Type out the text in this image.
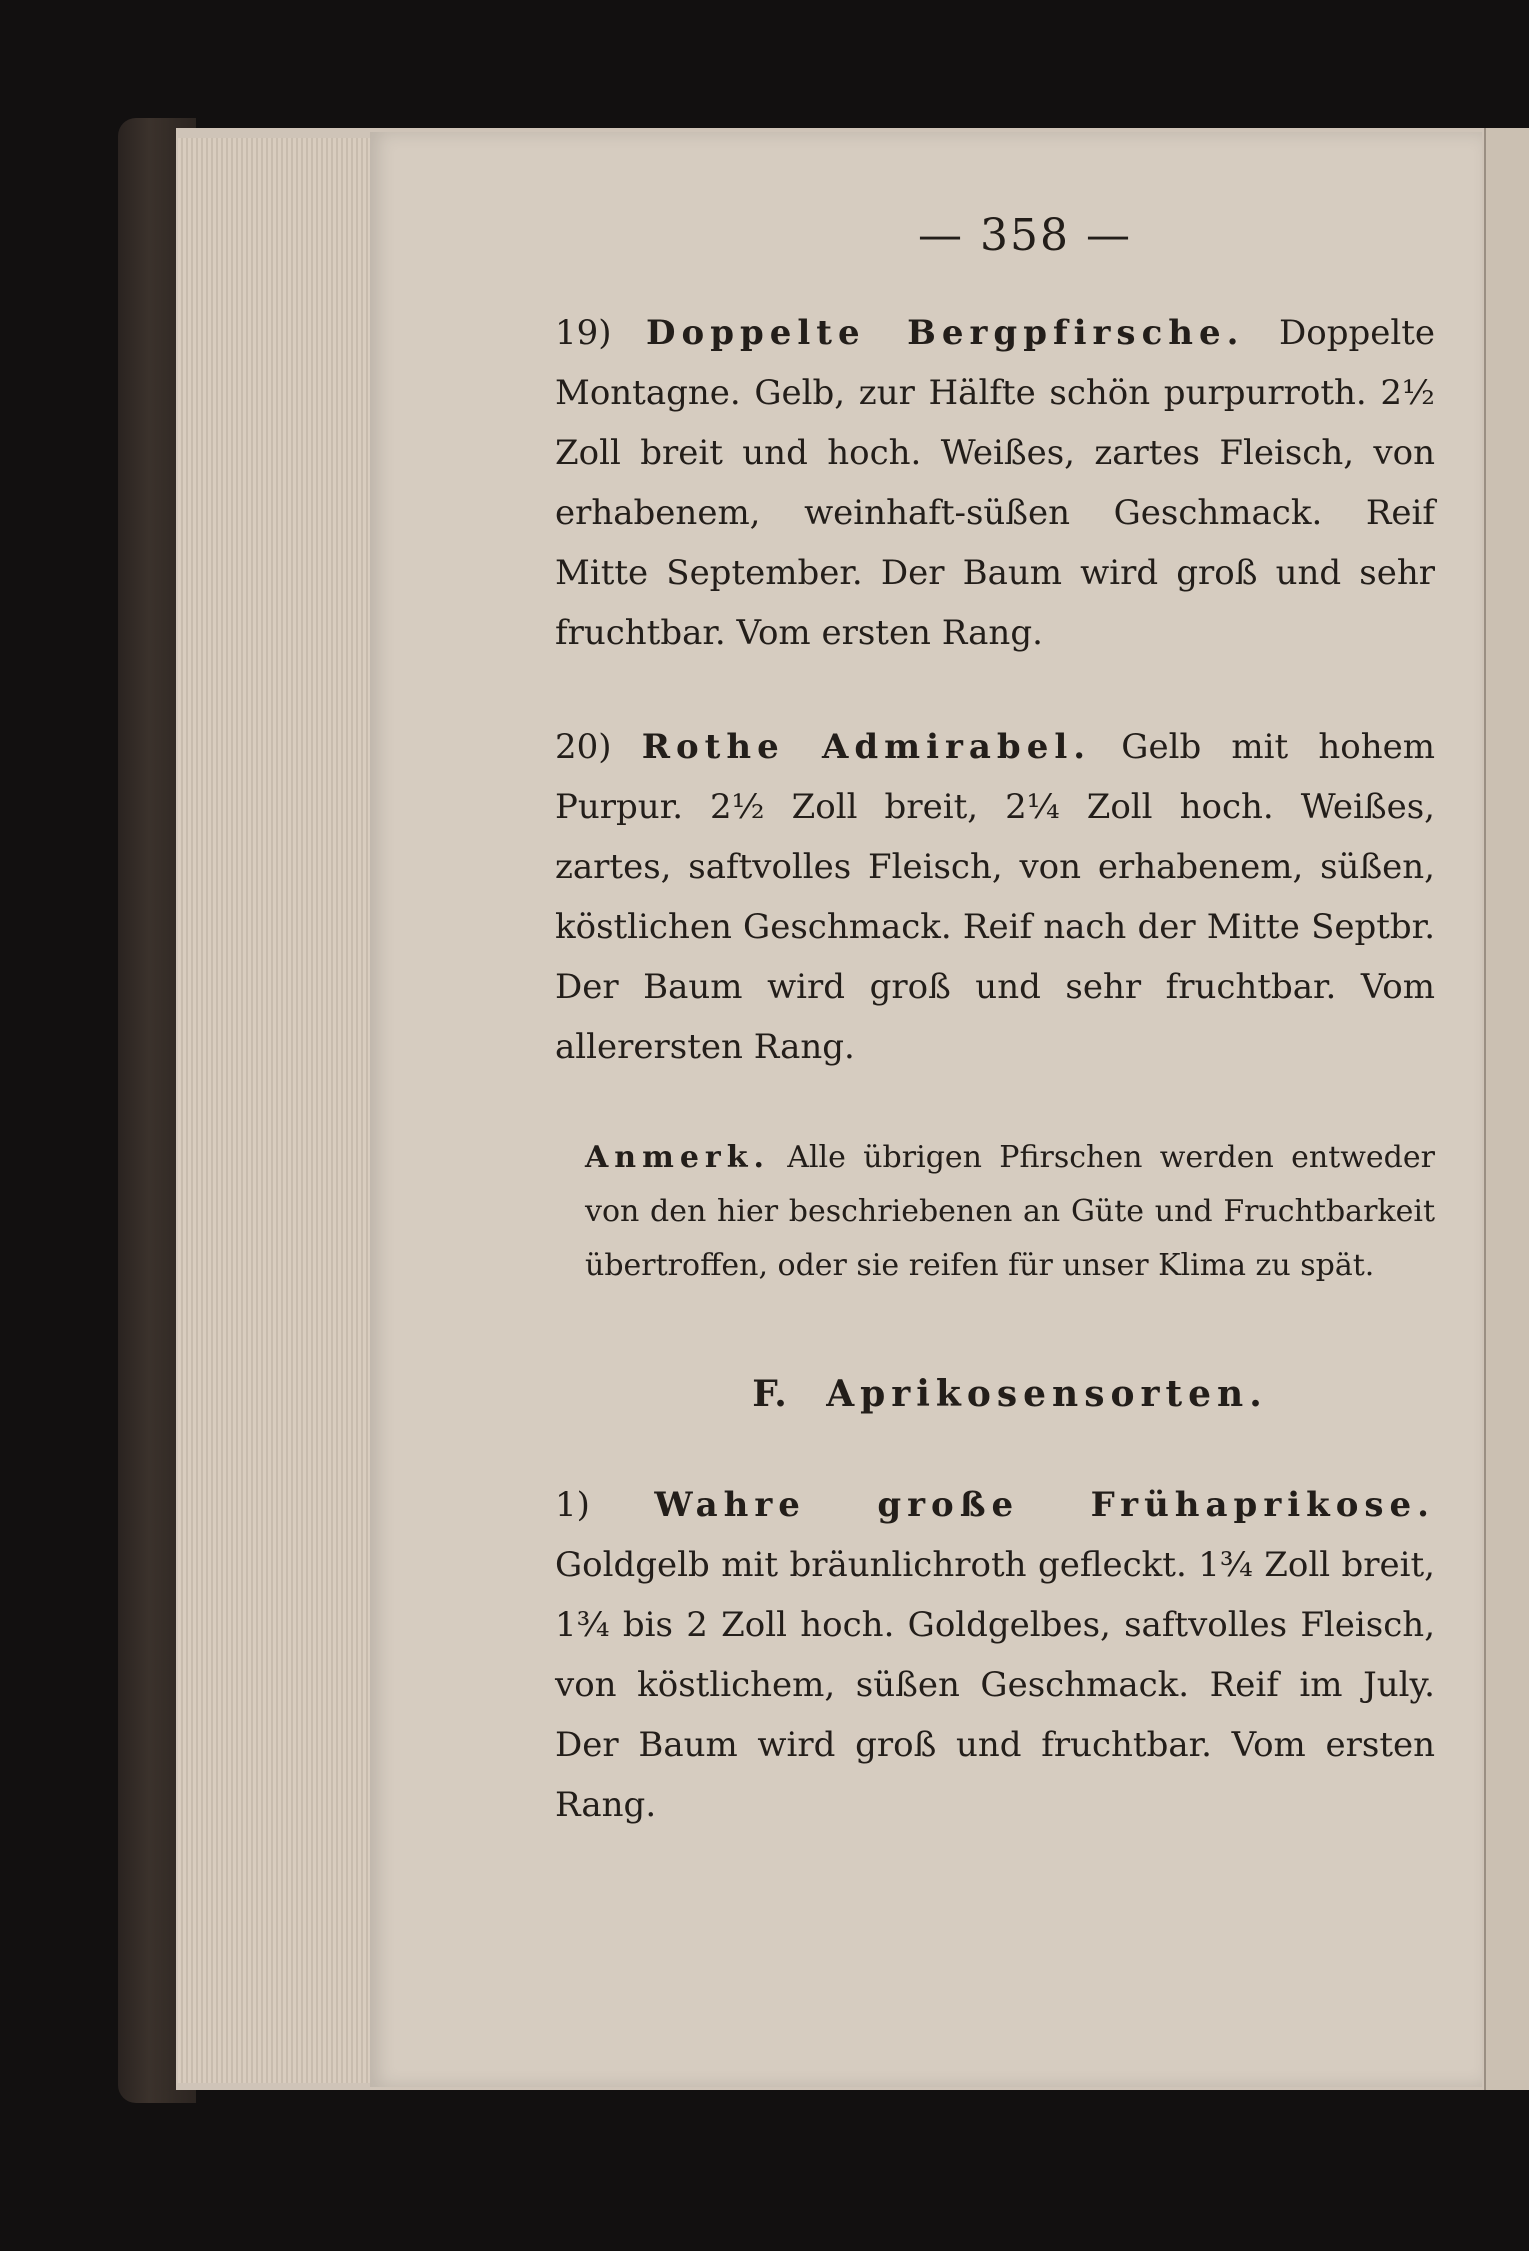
— 358 —

19) Doppelte Bergpfirsche. Doppelte Montagne. Gelb, zur Hälfte schön purpurroth. 2½ Zoll breit und hoch. Weißes, zartes Fleisch, von erhabenem, weinhaft-süßen Geschmack. Reif Mitte September. Der Baum wird groß und sehr fruchtbar. Vom ersten Rang.

20) Rothe Admirabel. Gelb mit hohem Purpur. 2½ Zoll breit, 2¼ Zoll hoch. Weißes, zartes, saftvolles Fleisch, von erhabenem, süßen, köstlichen Geschmack. Reif nach der Mitte Septbr. Der Baum wird groß und sehr fruchtbar. Vom allerersten Rang.

Anmerk. Alle übrigen Pfirschen werden entweder von den hier beschriebenen an Güte und Fruchtbarkeit übertroffen, oder sie reifen für unser Klima zu spät.

F. Aprikosensorten.

1) Wahre große Frühaprikose. Goldgelb mit bräunlichroth gefleckt. 1¾ Zoll breit, 1¾ bis 2 Zoll hoch. Goldgelbes, saftvolles Fleisch, von köstlichem, süßen Geschmack. Reif im July. Der Baum wird groß und fruchtbar. Vom ersten Rang.
